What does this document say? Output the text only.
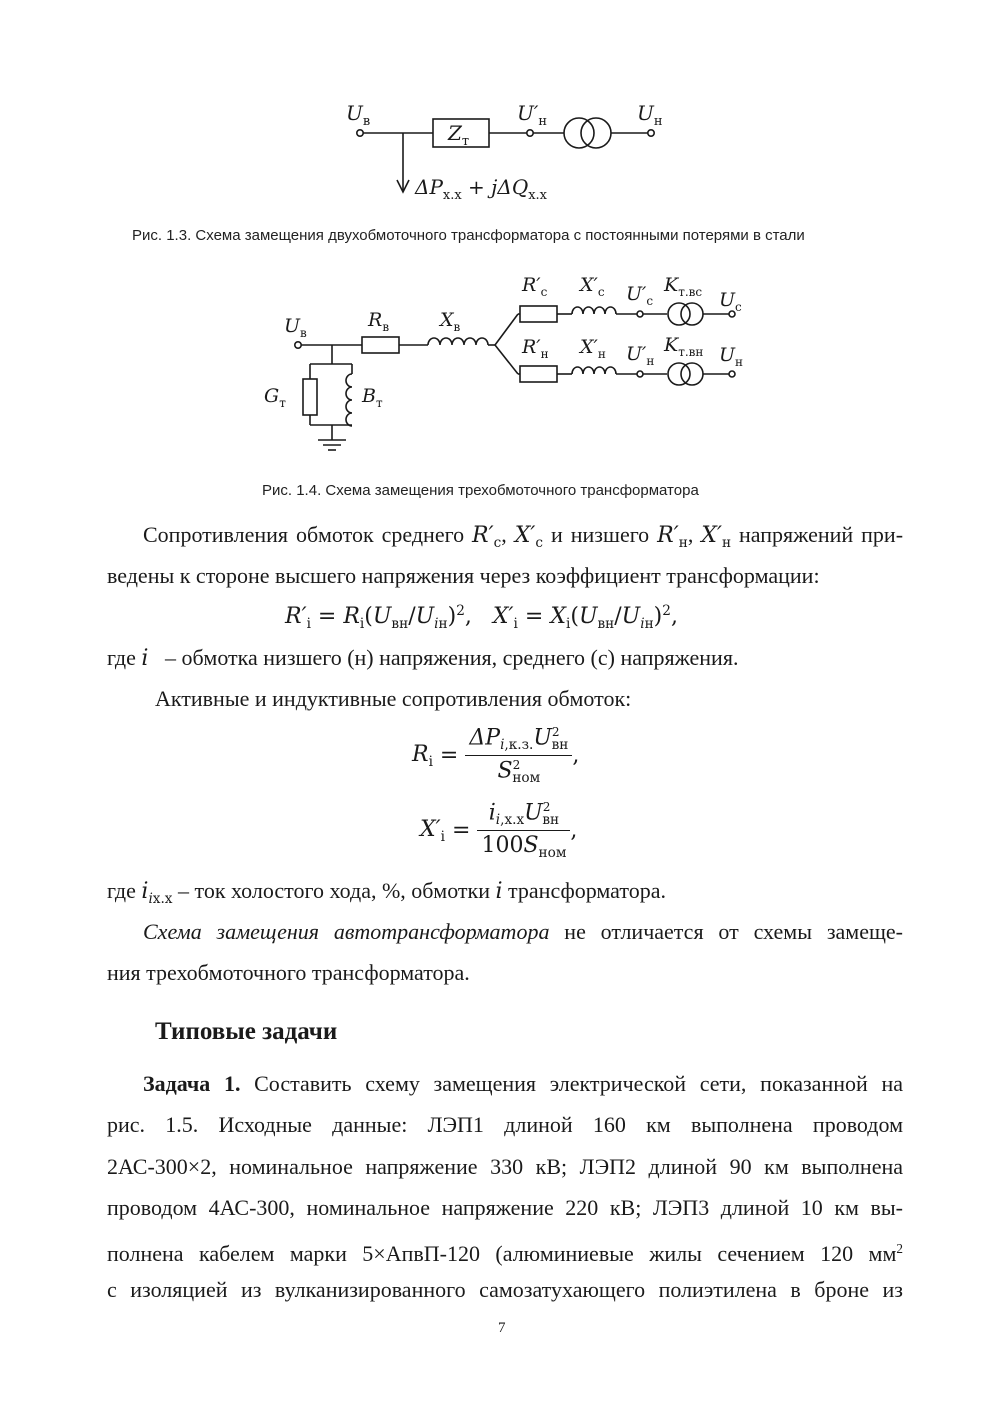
$U_в$	$Z_т$
$U'_н$	$U_н$
$\Delta P_{х.х} + j\Delta Q_{х.х}$
Рис. 1.3. Схема замещения двухобмоточного трансформатора с постоянными потерями в стали
$U_в$
$R_в$	$X_в$
$G_т$	$B_т$
$R'_с$ $X'_с$ $U'_с$
$K_{т.вс}$ $U_с$
$R'_н$ $X'_н$ $U'_н$
$K_{т.вн}$ $U_н$
Рис. 1.4. Схема замещения трехобмоточного трансформатора
Сопротивления обмоток среднего $R'_с$, $X'_с$ и низшего $R'_н$, $X'_н$ напряжений при-
ведены к стороне высшего напряжения через коэффициент трансформации:
$R'_i = R_i(U_{вн}/U_{iн})^2$,   $X'_i = X_i(U_{вн}/U_{iн})^2$,
где i – обмотка низшего (н) напряжения, среднего (с) напряжения.
Активные и индуктивные сопротивления обмоток:
$R_i = \frac{\Delta P_{i,к.з.}U^2_{вн}}{S^2_{ном}}$ ,
$X'_i = \frac{i_{i,х.х}U^2_{вн}}{100S_{ном}}$ ,
где $i_{iх.х}$ – ток холостого хода, %, обмотки i трансформатора.
Схема замещения автотрансформатора не отличается от схемы замеще-
ния трехобмоточного трансформатора.
Типовые задачи
Задача 1. Составить схему замещения электрической сети, показанной на
рис. 1.5. Исходные данные: ЛЭП1 длиной 160 км выполнена проводом
2АС-300×2, номинальное напряжение 330 кВ; ЛЭП2 длиной 90 км выполнена
проводом 4АС-300, номинальное напряжение 220 кВ; ЛЭП3 длиной 10 км вы-
полнена кабелем марки 5×АпвП-120 (алюминиевые жилы сечением 120 $мм^2$
с изоляцией из вулканизированного самозатухающего полиэтилена в броне из
7
